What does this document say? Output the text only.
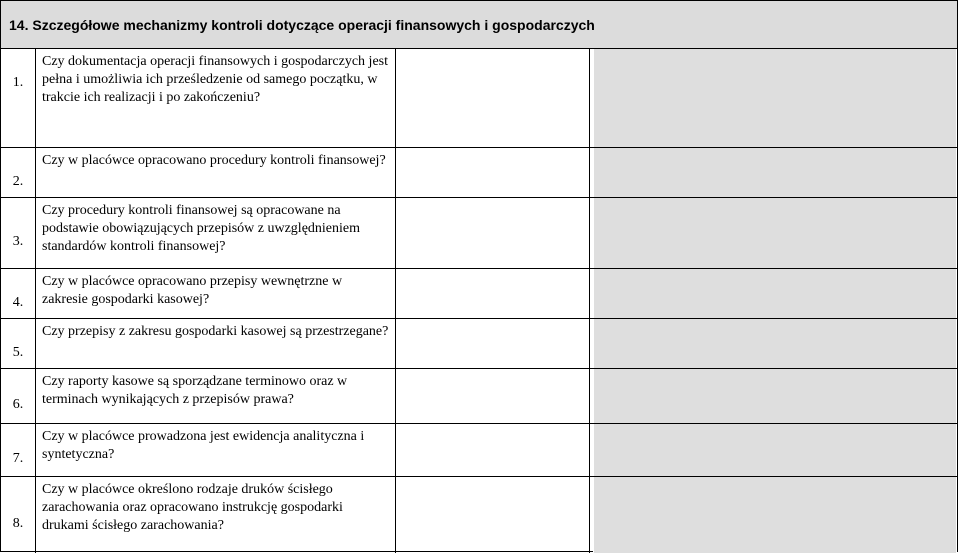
14. Szczegółowe mechanizmy kontroli dotyczące operacji finansowych i gospodarczych
1.
Czy dokumentacja operacji finansowych i gospodarczych jest pełna i umożliwia ich prześledzenie od samego początku, w trakcie ich realizacji i po zakończeniu?
2.
Czy w placówce opracowano procedury kontroli finansowej?
3.
Czy procedury kontroli finansowej są opracowane na podstawie obowiązujących przepisów z uwzględnieniem standardów kontroli finansowej?
4.
Czy w placówce opracowano przepisy wewnętrzne w zakresie gospodarki kasowej?
5.
Czy przepisy z zakresu gospodarki kasowej są przestrzegane?
6.
Czy raporty kasowe są sporządzane terminowo oraz w terminach wynikających z przepisów prawa?
7.
Czy w placówce prowadzona jest ewidencja analityczna i syntetyczna?
8.
Czy w placówce określono rodzaje druków ścisłego zarachowania oraz opracowano instrukcję gospodarki drukami ścisłego zarachowania?
